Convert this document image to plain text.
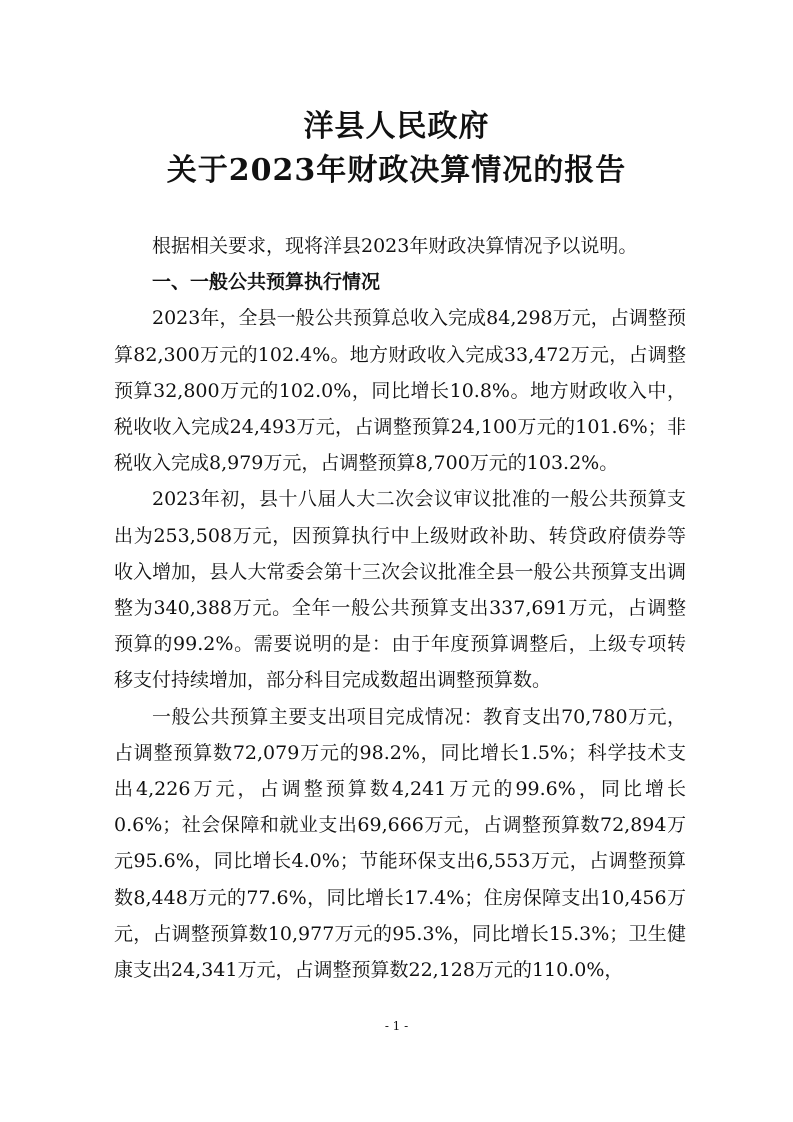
洋县人民政府
关于2023年财政决算情况的报告

根据相关要求，现将洋县2023年财政决算情况予以说明。

一、一般公共预算执行情况

2023年，全县一般公共预算总收入完成84,298万元，占调整预算82,300万元的102.4%。地方财政收入完成33,472万元，占调整预算32,800万元的102.0%，同比增长10.8%。地方财政收入中，税收收入完成24,493万元，占调整预算24,100万元的101.6%；非税收入完成8,979万元，占调整预算8,700万元的103.2%。

2023年初，县十八届人大二次会议审议批准的一般公共预算支出为253,508万元，因预算执行中上级财政补助、转贷政府债券等收入增加，县人大常委会第十三次会议批准全县一般公共预算支出调整为340,388万元。全年一般公共预算支出337,691万元，占调整预算的99.2%。需要说明的是：由于年度预算调整后，上级专项转移支付持续增加，部分科目完成数超出调整预算数。

一般公共预算主要支出项目完成情况：教育支出70,780万元，占调整预算数72,079万元的98.2%，同比增长1.5%；科学技术支出4,226万元，占调整预算数4,241万元的99.6%，同比增长0.6%；社会保障和就业支出69,666万元，占调整预算数72,894万元95.6%，同比增长4.0%；节能环保支出6,553万元，占调整预算数8,448万元的77.6%，同比增长17.4%；住房保障支出10,456万元，占调整预算数10,977万元的95.3%，同比增长15.3%；卫生健康支出24,341万元，占调整预算数22,128万元的110.0%，

- 1 -
